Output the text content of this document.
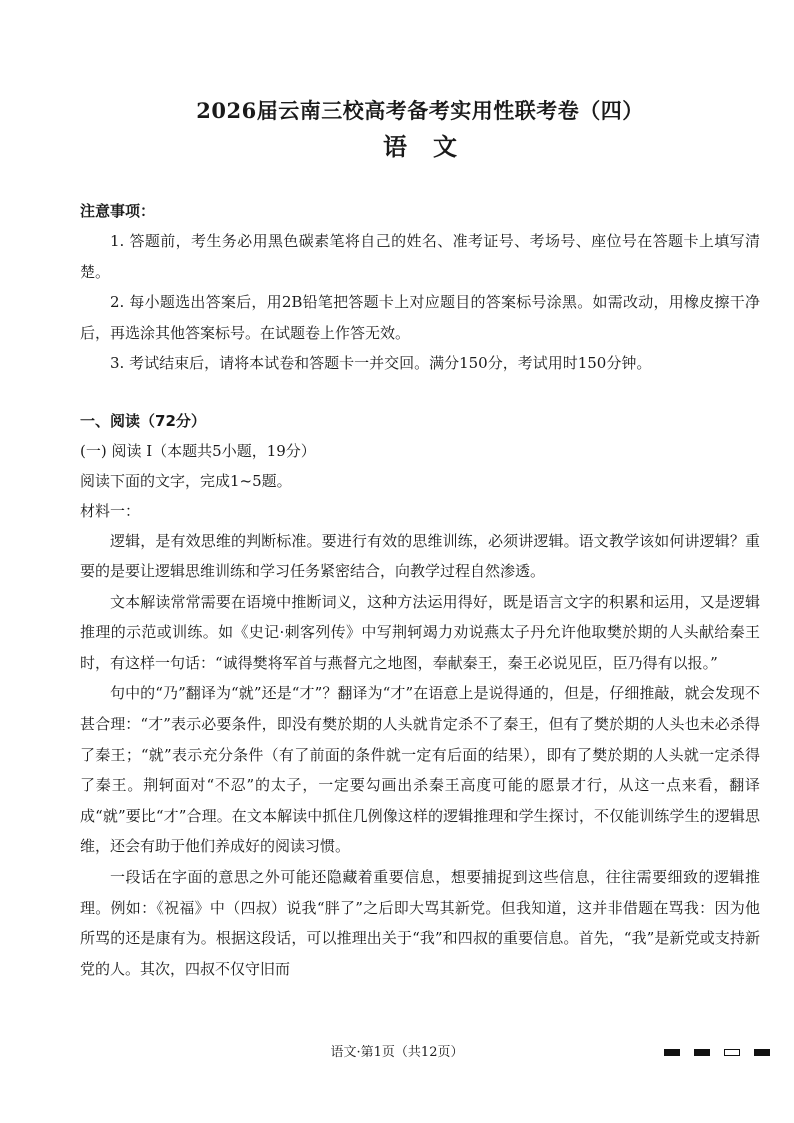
2026届云南三校高考备考实用性联考卷（四）
语文
注意事项：

1. 答题前，考生务必用黑色碳素笔将自己的姓名、准考证号、考场号、座位号在答题卡上填写清楚。

2. 每小题选出答案后，用2B铅笔把答题卡上对应题目的答案标号涂黑。如需改动，用橡皮擦干净后，再选涂其他答案标号。在试题卷上作答无效。

3. 考试结束后，请将本试卷和答题卡一并交回。满分150分，考试用时150分钟。

一、阅读（72分）

(一) 阅读 I（本题共5小题，19分）

阅读下面的文字，完成1~5题。

材料一：

逻辑，是有效思维的判断标准。要进行有效的思维训练，必须讲逻辑。语文教学该如何讲逻辑？重要的是要让逻辑思维训练和学习任务紧密结合，向教学过程自然渗透。

文本解读常常需要在语境中推断词义，这种方法运用得好，既是语言文字的积累和运用，又是逻辑推理的示范或训练。如《史记·刺客列传》中写荆轲竭力劝说燕太子丹允许他取樊於期的人头献给秦王时，有这样一句话：“诚得樊将军首与燕督亢之地图，奉献秦王，秦王必说见臣，臣乃得有以报。”

句中的“乃”翻译为“就”还是“才”？翻译为“才”在语意上是说得通的，但是，仔细推敲，就会发现不甚合理：“才”表示必要条件，即没有樊於期的人头就肯定杀不了秦王，但有了樊於期的人头也未必杀得了秦王；“就”表示充分条件（有了前面的条件就一定有后面的结果），即有了樊於期的人头就一定杀得了秦王。荆轲面对“不忍”的太子，一定要勾画出杀秦王高度可能的愿景才行，从这一点来看，翻译成“就”要比“才”合理。在文本解读中抓住几例像这样的逻辑推理和学生探讨，不仅能训练学生的逻辑思维，还会有助于他们养成好的阅读习惯。

一段话在字面的意思之外可能还隐藏着重要信息，想要捕捉到这些信息，往往需要细致的逻辑推理。例如：《祝福》中（四叔）说我“胖了”之后即大骂其新党。但我知道，这并非借题在骂我：因为他所骂的还是康有为。根据这段话，可以推理出关于“我”和四叔的重要信息。首先，“我”是新党或支持新党的人。其次，四叔不仅守旧而

语文·第1页（共12页）
